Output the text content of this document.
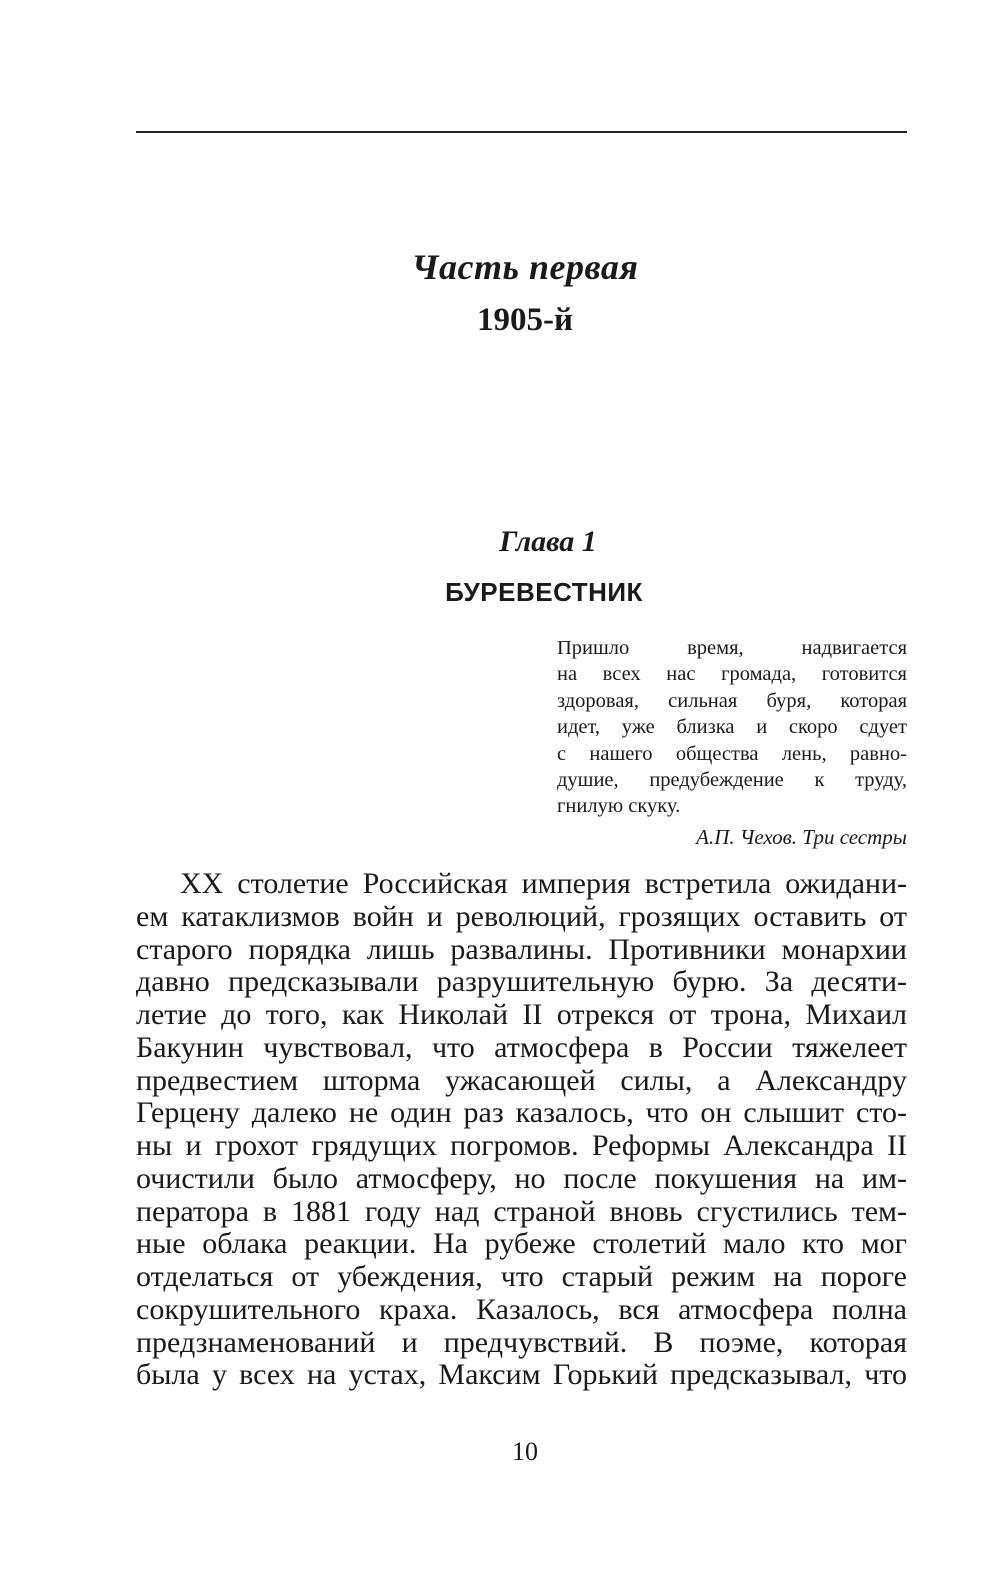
Часть первая
1905-й
Глава 1
БУРЕВЕСТНИК
Пришло время, надвигается
на всех нас громада, готовится
здоровая, сильная буря, которая
идет, уже близка и скоро сдует
с нашего общества лень, равно-
душие, предубеждение к труду,
гнилую скуку.
А.П. Чехов. Три сестры
XX столетие Российская империя встретила ожидани-
ем катаклизмов войн и революций, грозящих оставить от
старого порядка лишь развалины. Противники монархии
давно предсказывали разрушительную бурю. За десяти-
летие до того, как Николай II отрекся от трона, Михаил
Бакунин чувствовал, что атмосфера в России тяжелеет
предвестием шторма ужасающей силы, а Александру
Герцену далеко не один раз казалось, что он слышит сто-
ны и грохот грядущих погромов. Реформы Александра II
очистили было атмосферу, но после покушения на им-
ператора в 1881 году над страной вновь сгустились тем-
ные облака реакции. На рубеже столетий мало кто мог
отделаться от убеждения, что старый режим на пороге
сокрушительного краха. Казалось, вся атмосфера полна
предзнаменований и предчувствий. В поэме, которая
была у всех на устах, Максим Горький предсказывал, что
10
